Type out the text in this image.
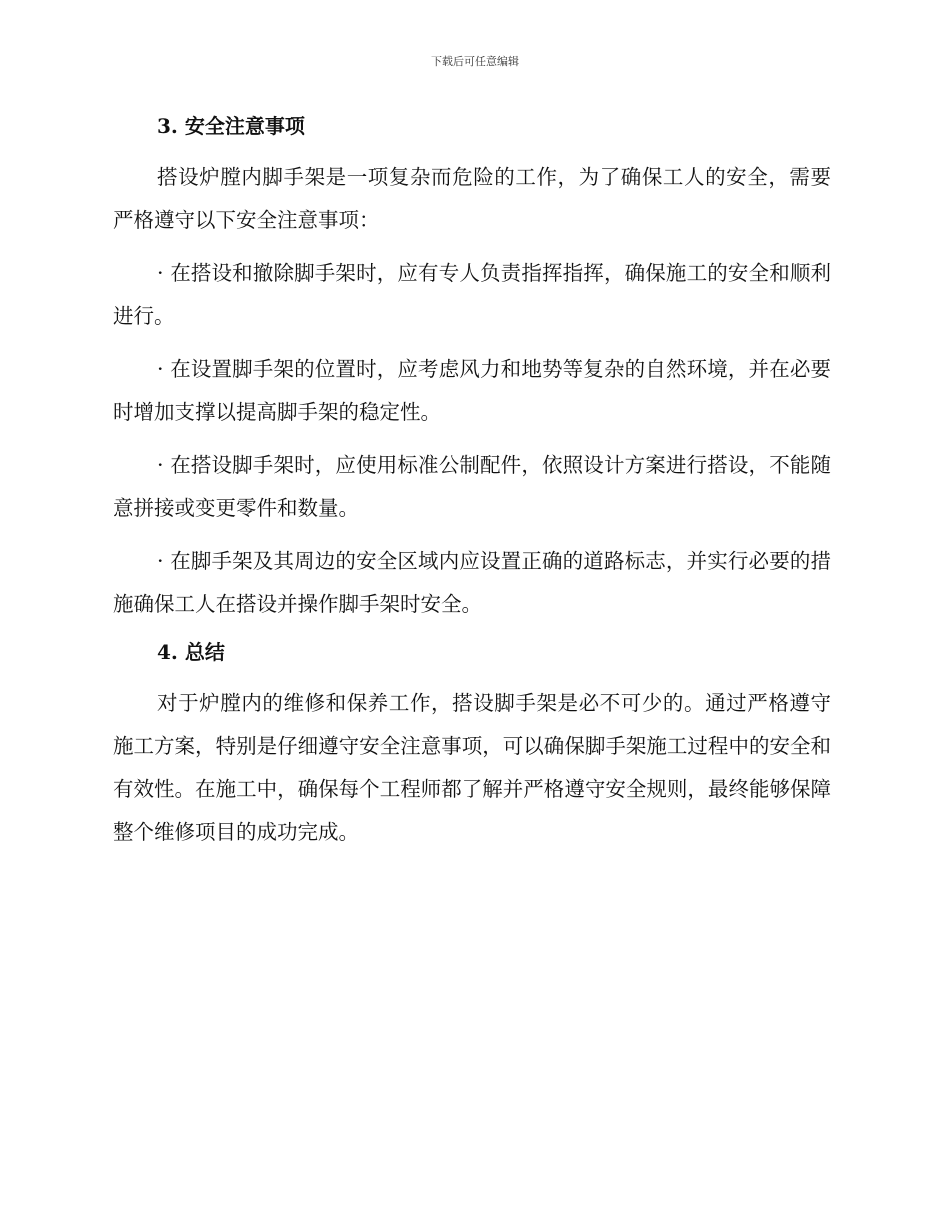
下载后可任意编辑
3. 安全注意事项

搭设炉膛内脚手架是一项复杂而危险的工作，为了确保工人的安全，需要严格遵守以下安全注意事项：

· 在搭设和撤除脚手架时，应有专人负责指挥指挥，确保施工的安全和顺利进行。

· 在设置脚手架的位置时，应考虑风力和地势等复杂的自然环境，并在必要时增加支撑以提高脚手架的稳定性。

· 在搭设脚手架时，应使用标准公制配件，依照设计方案进行搭设，不能随意拼接或变更零件和数量。

· 在脚手架及其周边的安全区域内应设置正确的道路标志，并实行必要的措施确保工人在搭设并操作脚手架时安全。

4. 总结

对于炉膛内的维修和保养工作，搭设脚手架是必不可少的。通过严格遵守施工方案，特别是仔细遵守安全注意事项，可以确保脚手架施工过程中的安全和有效性。在施工中，确保每个工程师都了解并严格遵守安全规则，最终能够保障整个维修项目的成功完成。
